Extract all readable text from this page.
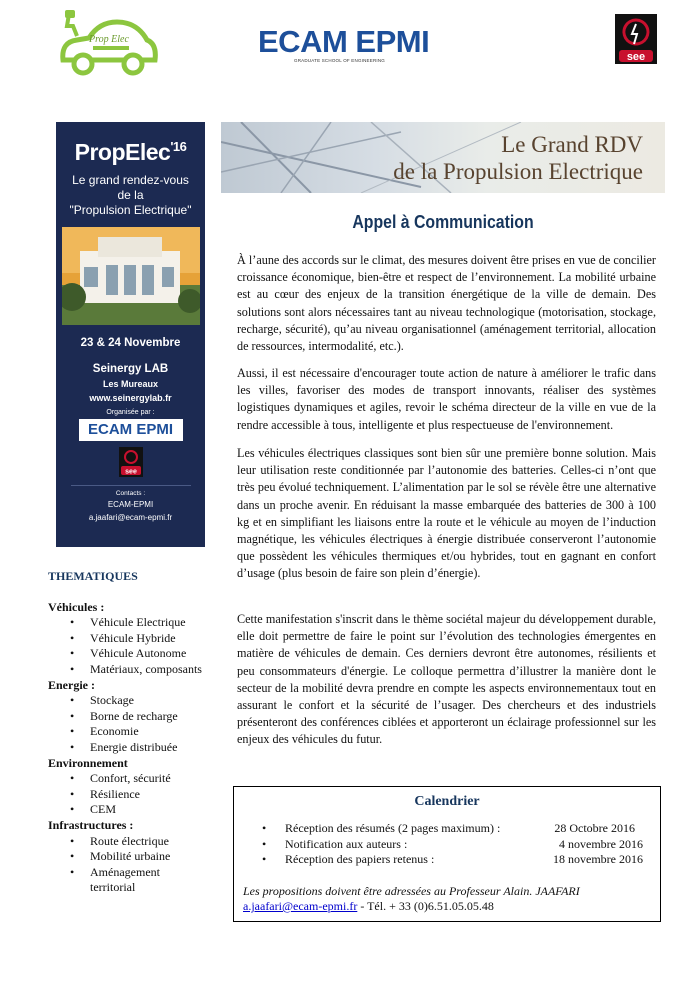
Prop Elec	ECAM EPMI
GRADUATE SCHOOL OF ENGINEERING	see
PropElec$^{'16}$
Le grand rendez-vous
de la
"Propulsion Electrique"
23 & 24 Novembre
Seinergy LAB
Les Mureaux
www.seinergylab.fr
Organisée par :
ECAM EPMI
see
Contacts :
ECAM-EPMI
a.jaafari@ecam-epmi.fr
Le Grand RDV
de la Propulsion Electrique
Appel à Communication

À l’aune des accords sur le climat, des mesures doivent être prises en vue de concilier croissance économique, bien-être et respect de l’environnement. La mobilité urbaine est au cœur des enjeux de la transition énergétique de la ville de demain. Des solutions sont alors nécessaires tant au niveau technologique (motorisation, stockage, recharge, sécurité), qu’au niveau organisationnel (aménagement territorial, allocation de ressources, intermodalité, etc.).

Aussi, il est nécessaire d'encourager toute action de nature à améliorer le trafic dans les villes, favoriser des modes de transport innovants, réaliser des systèmes logistiques dynamiques et agiles, revoir le schéma directeur de la ville en vue de la rendre accessible à tous, intelligente et plus respectueuse de l'environnement.

Les véhicules électriques classiques sont bien sûr une première bonne solution. Mais leur utilisation reste conditionnée par l’autonomie des batteries. Celles-ci n’ont que très peu évolué techniquement. L’alimentation par le sol se révèle être une alternative dans un proche avenir. En réduisant la masse embarquée des batteries de 300 à 100 kg et en simplifiant les liaisons entre la route et le véhicule au moyen de l’induction magnétique, les véhicules électriques à énergie distribuée conserveront l’autonomie que possèdent les véhicules thermiques et/ou hybrides, tout en gagnant en confort d’usage (plus besoin de faire son plein d’énergie).

Cette manifestation s'inscrit dans le thème sociétal majeur du développement durable, elle doit permettre de faire le point sur l’évolution des technologies émergentes en matière de véhicules de demain. Ces derniers devront être autonomes, résilients et peu consommateurs d'énergie. Le colloque permettra d’illustrer la manière dont le secteur de la mobilité devra prendre en compte les aspects environnementaux tout en assurant le confort et la sécurité de l’usager. Des chercheurs et des industriels présenteront des conférences ciblées et apporteront un éclairage professionnel sur les enjeux des véhicules du futur.

THEMATIQUES
Véhicules :
• Véhicule Electrique
• Véhicule Hybride
• Véhicule Autonome
• Matériaux, composants
Energie :
• Stockage
• Borne de recharge
• Economie
• Energie distribuée
Environnement
• Confort, sécurité
• Résilience
• CEM
Infrastructures :
• Route électrique
• Mobilité urbaine
• Aménagement territorial
Calendrier
• Réception des résumés (2 pages maximum) :	28 Octobre 2016
• Notification aux auteurs :	4 novembre 2016
• Réception des papiers retenus :	18 novembre 2016
Les propositions doivent être adressées au Professeur Alain. JAAFARI
a.jaafari@ecam-epmi.fr - Tél. + 33 (0)6.51.05.05.48
